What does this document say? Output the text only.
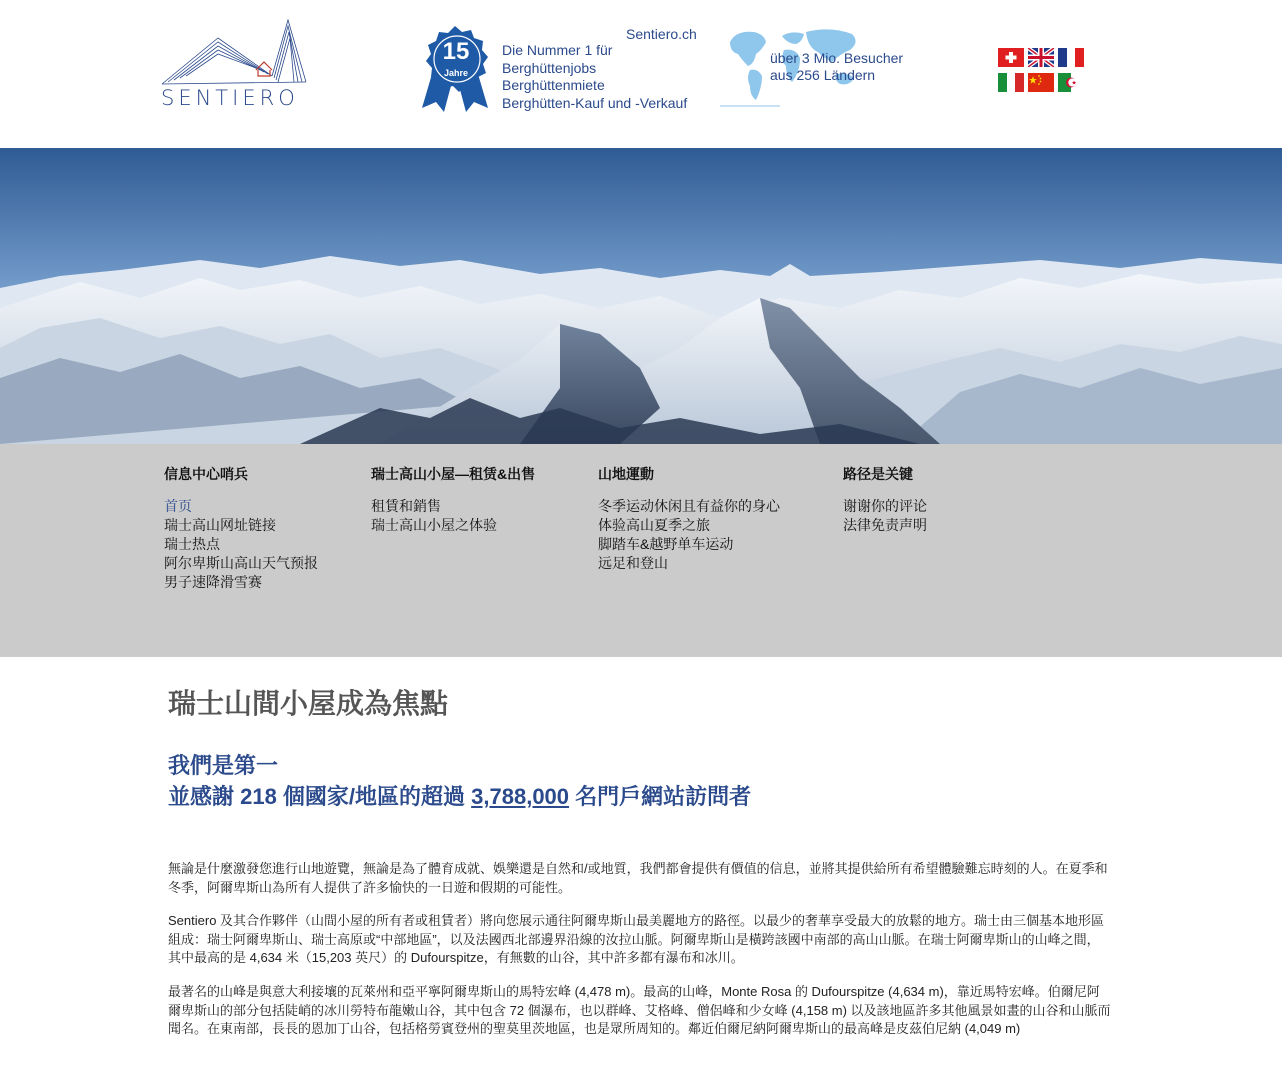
SENTIERO
15
Jahre
Sentiero.ch
Die Nummer 1 für
Berghüttenjobs
Berghüttenmiete
Berghütten-Kauf und -Verkauf
über 3 Mio. Besucher
aus 256 Ländern
信息中心哨兵
首页
瑞士高山网址链接
瑞士热点
阿尔卑斯山高山天气预报
男子速降滑雪赛
瑞士高山小屋—租赁&出售
租賃和銷售
瑞士高山小屋之体验
山地運動
冬季运动休闲且有益你的身心
体验高山夏季之旅
脚踏车&越野单车运动
远足和登山
路径是关键
谢谢你的评论
法律免责声明
瑞士山間小屋成為焦點
我們是第一
並感謝 218 個國家/地區的超過 3,788,000 名門戶網站訪問者
無論是什麼激發您進行山地遊覽，無論是為了體育成就、娛樂還是自然和/或地質，我們都會提供有價值的信息，並將其提供給所有希望體驗難忘時刻的人。在夏季和冬季，阿爾卑斯山為所有人提供了許多愉快的一日遊和假期的可能性。
Sentiero 及其合作夥伴（山間小屋的所有者或租賃者）將向您展示通往阿爾卑斯山最美麗地方的路徑。以最少的奢華享受最大的放鬆的地方。瑞士由三個基本地形區組成：瑞士阿爾卑斯山、瑞士高原或“中部地區”，以及法國西北部邊界沿線的汝拉山脈。阿爾卑斯山是橫跨該國中南部的高山山脈。在瑞士阿爾卑斯山的山峰之間，其中最高的是 4,634 米（15,203 英尺）的 Dufourspitze，有無數的山谷，其中許多都有瀑布和冰川。
最著名的山峰是與意大利接壤的瓦萊州和亞平寧阿爾卑斯山的馬特宏峰 (4,478 m)。最高的山峰，Monte Rosa 的 Dufourspitze (4,634 m)，靠近馬特宏峰。伯爾尼阿爾卑斯山的部分包括陡峭的冰川勞特布龍嫩山谷，其中包含 72 個瀑布，也以群峰、艾格峰、僧侶峰和少女峰 (4,158 m) 以及該地區許多其他風景如畫的山谷和山脈而聞名。在東南部，長長的恩加丁山谷，包括格勞賓登州的聖莫里茨地區，也是眾所周知的。鄰近伯爾尼納阿爾卑斯山的最高峰是皮茲伯尼納 (4,049 m)
